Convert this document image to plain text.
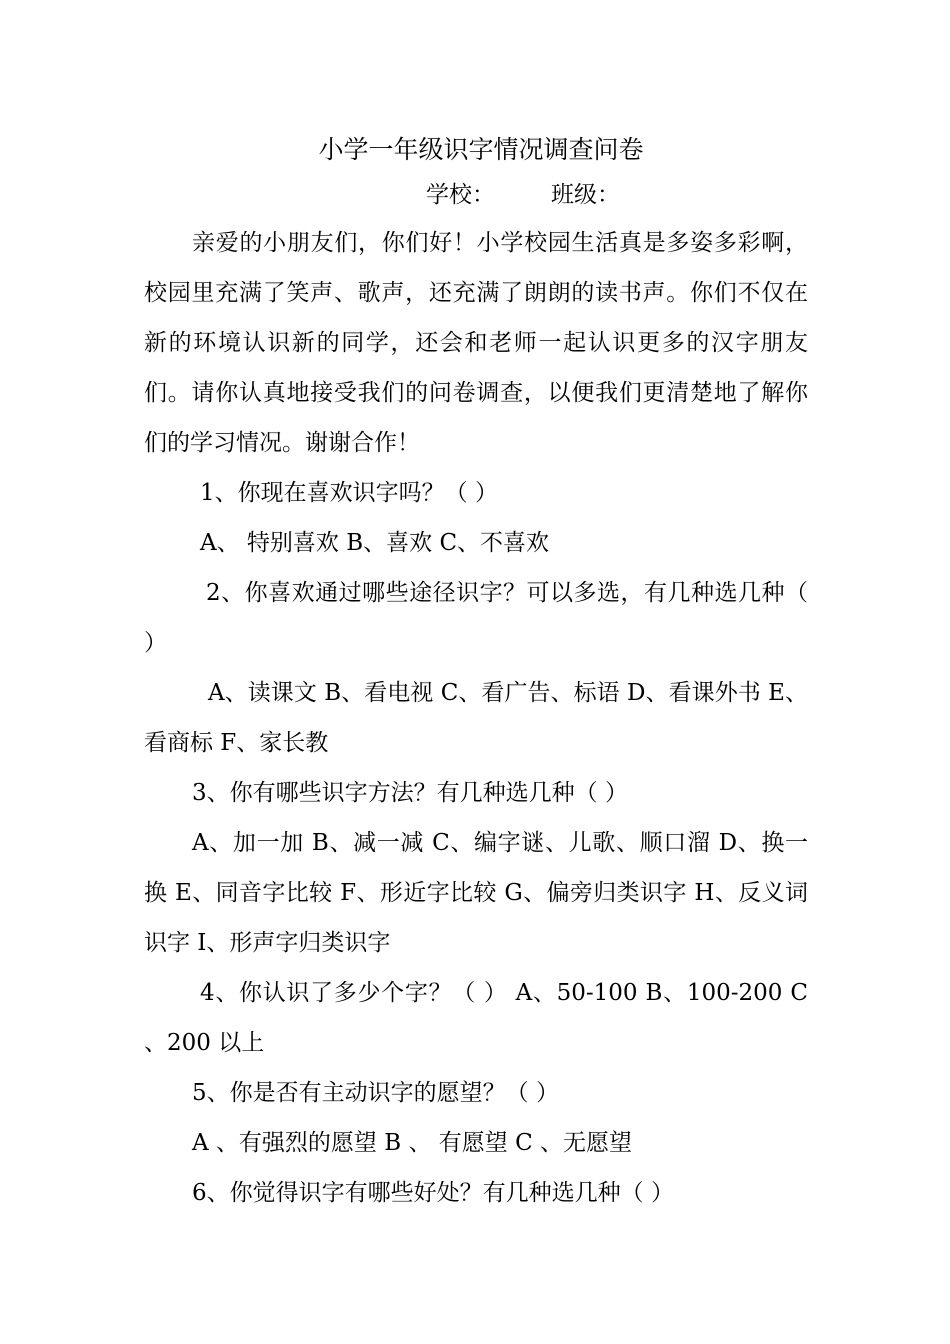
小学一年级识字情况调查问卷
学校： 班级：

亲爱的小朋友们，你们好！小学校园生活真是多姿多彩啊，校园里充满了笑声、歌声，还充满了朗朗的读书声。你们不仅在新的环境认识新的同学，还会和老师一起认识更多的汉字朋友们。请你认真地接受我们的问卷调查，以便我们更清楚地了解你们的学习情况。谢谢合作！

1、你现在喜欢识字吗？（ ）

A、 特别喜欢 B、喜欢 C、不喜欢

2、你喜欢通过哪些途径识字？可以多选，有几种选几种（ ）

A、读课文 B、看电视 C、看广告、标语 D、看课外书 E、看商标 F、家长教

3、你有哪些识字方法？有几种选几种（ ）

A、加一加 B、减一减 C、编字谜、儿歌、顺口溜 D、换一换 E、同音字比较 F、形近字比较 G、偏旁归类识字 H、反义词识字 I、形声字归类识字

4、你认识了多少个字？（ ） A、50-100 B、100-200 C 、200 以上

5、你是否有主动识字的愿望？（ ）

A 、有强烈的愿望 B 、 有愿望 C 、无愿望

6、你觉得识字有哪些好处？有几种选几种（ ）
